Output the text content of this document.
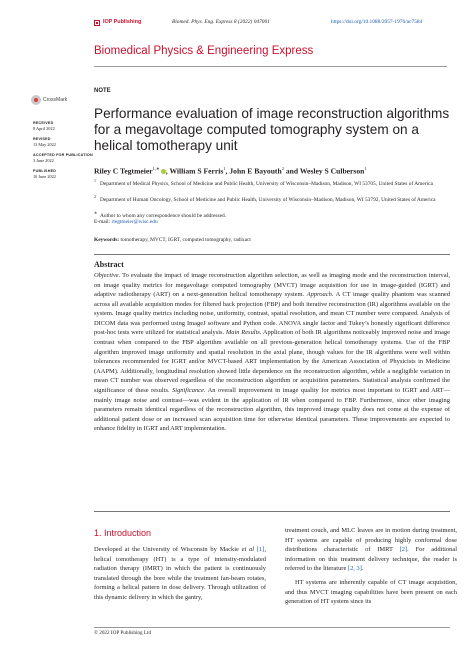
IOP Publishing	Biomed. Phys. Eng. Express 8 (2022) 047001	https://doi.org/10.1088/2057-1976/ac7584
Biomedical Physics & Engineering Express
CrossMark
RECEIVED
8 April 2022
REVISED
13 May 2022
ACCEPTED FOR PUBLICATION
3 June 2022
PUBLISHED
10 June 2022
NOTE
Performance evaluation of image reconstruction algorithms for a megavoltage computed tomography system on a helical tomotherapy unit
Riley C Tegtmeier$^{1,∗}$ , William S Ferris$^1$, John E Bayouth$^2$ and Wesley S Culberson$^1$
1Department of Medical Physics, School of Medicine and Public Health, University of Wisconsin–Madison, Madison, WI 53705, United States of America
2Department of Human Oncology, School of Medicine and Public Health, University of Wisconsin–Madison, Madison, WI 53792, United States of America
∗Author to whom any correspondence should be addressed.
E-mail: rtegtmeier@wisc.edu
Keywords: tomotherapy, MVCT, IGRT, computed tomography, radixact
Abstract
Objective. To evaluate the impact of image reconstruction algorithm selection, as well as imaging mode and the reconstruction interval, on image quality metrics for megavoltage computed tomography (MVCT) image acquisition for use in image-guided (IGRT) and adaptive radiotherapy (ART) on a next-generation helical tomotherapy system. Approach. A CT image quality phantom was scanned across all available acquisition modes for filtered back projection (FBP) and both iterative reconstruction (IR) algorithms available on the system. Image quality metrics including noise, uniformity, contrast, spatial resolution, and mean CT number were compared. Analysis of DICOM data was performed using ImageJ software and Python code. ANOVA single factor and Tukey’s honestly significant difference post-hoc tests were utilized for statistical analysis. Main Results. Application of both IR algorithms noticeably improved noise and image contrast when compared to the FBP algorithm available on all previous-generation helical tomotherapy systems. Use of the FBP algorithm improved image uniformity and spatial resolution in the axial plane, though values for the IR algorithms were well within tolerances recommended for IGRT and/or MVCT-based ART implementation by the American Association of Physicists in Medicine (AAPM). Additionally, longitudinal resolution showed little dependence on the reconstruction algorithm, while a negligible variation in mean CT number was observed regardless of the reconstruction algorithm or acquisition parameters. Statistical analysis confirmed the significance of these results. Significance. An overall improvement in image quality for metrics most important to IGRT and ART—mainly image noise and contrast—was evident in the application of IR when compared to FBP. Furthermore, since other imaging parameters remain identical regardless of the reconstruction algorithm, this improved image quality does not come at the expense of additional patient dose or an increased scan acquisition time for otherwise identical parameters. These improvements are expected to enhance fidelity in IGRT and ART implementation.
1. Introduction
Developed at the University of Wisconsin by Mackie et al [1], helical tomotherapy (HT) is a type of intensity-modulated radiation therapy (IMRT) in which the patient is continuously translated through the bore while the treatment fan-beam rotates, forming a helical pattern in dose delivery. Through utilization of this dynamic delivery in which the gantry,
treatment couch, and MLC leaves are in motion during treatment, HT systems are capable of producing highly conformal dose distributions characteristic of IMRT [2]. For additional information on this treatment delivery technique, the reader is referred to the literature [2, 3].
HT systems are inherently capable of CT image acquisition, and thus MVCT imaging capabilities have been present on each generation of HT system since its
© 2022 IOP Publishing Ltd
